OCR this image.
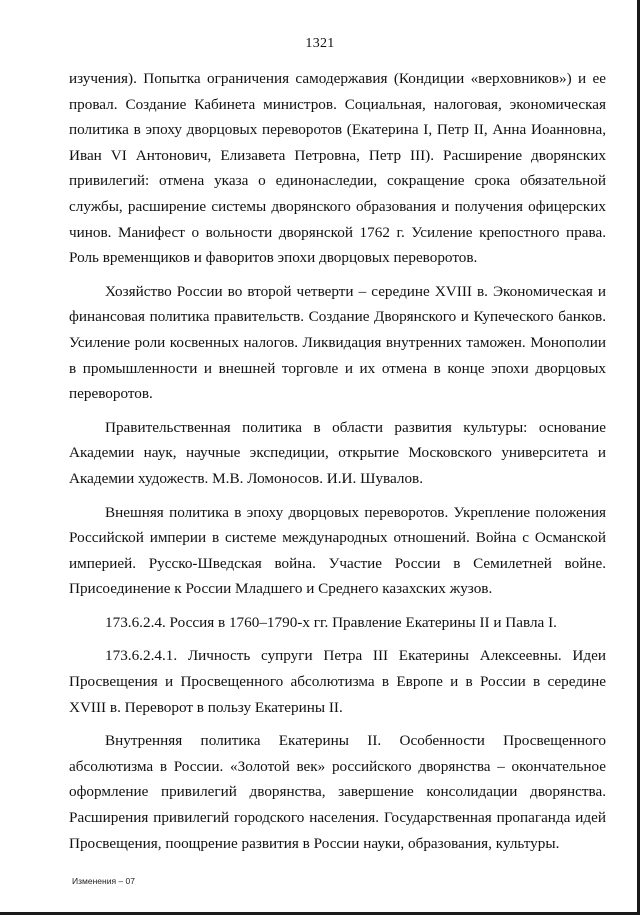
1321

изучения). Попытка ограничения самодержавия (Кондиции «верховников») и ее провал. Создание Кабинета министров. Социальная, налоговая, экономическая политика в эпоху дворцовых переворотов (Екатерина I, Петр II, Анна Иоанновна, Иван VI Антонович, Елизавета Петровна, Петр III). Расширение дворянских привилегий: отмена указа о единонаследии, сокращение срока обязательной службы, расширение системы дворянского образования и получения офицерских чинов. Манифест о вольности дворянской 1762 г. Усиление крепостного права. Роль временщиков и фаворитов эпохи дворцовых переворотов.

Хозяйство России во второй четверти – середине XVIII в. Экономическая и финансовая политика правительств. Создание Дворянского и Купеческого банков. Усиление роли косвенных налогов. Ликвидация внутренних таможен. Монополии в промышленности и внешней торговле и их отмена в конце эпохи дворцовых переворотов.

Правительственная политика в области развития культуры: основание Академии наук, научные экспедиции, открытие Московского университета и Академии художеств. М.В. Ломоносов. И.И. Шувалов.

Внешняя политика в эпоху дворцовых переворотов. Укрепление положения Российской империи в системе международных отношений. Война с Османской империей. Русско-Шведская война. Участие России в Семилетней войне. Присоединение к России Младшего и Среднего казахских жузов.

173.6.2.4. Россия в 1760–1790-х гг. Правление Екатерины II и Павла I.

173.6.2.4.1. Личность супруги Петра III Екатерины Алексеевны. Идеи Просвещения и Просвещенного абсолютизма в Европе и в России в середине XVIII в. Переворот в пользу Екатерины II.

Внутренняя политика Екатерины II. Особенности Просвещенного абсолютизма в России. «Золотой век» российского дворянства – окончательное оформление привилегий дворянства, завершение консолидации дворянства. Расширения привилегий городского населения. Государственная пропаганда идей Просвещения, поощрение развития в России науки, образования, культуры.

Изменения – 07
